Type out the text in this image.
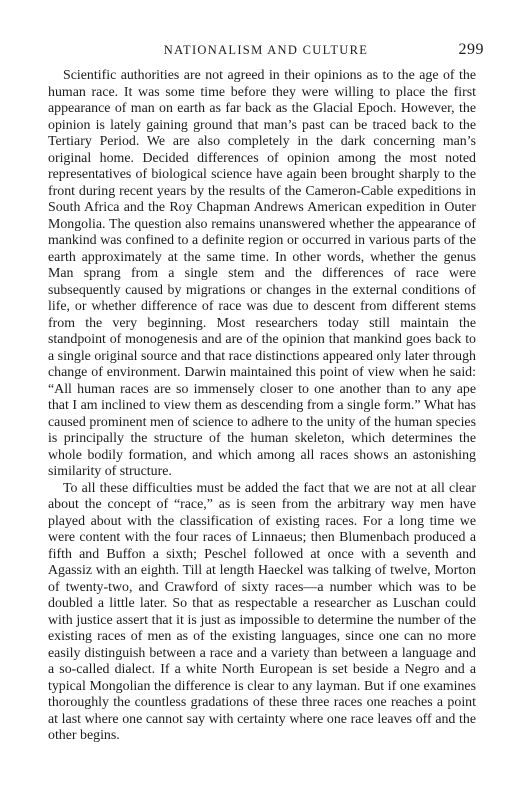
NATIONALISM AND CULTURE	299

Scientific authorities are not agreed in their opinions as to the age of the human race. It was some time before they were willing to place the first appearance of man on earth as far back as the Glacial Epoch. However, the opinion is lately gaining ground that man’s past can be traced back to the Tertiary Period. We are also completely in the dark concerning man’s original home. Decided differences of opinion among the most noted representatives of biological science have again been brought sharply to the front during recent years by the results of the Cameron-Cable expeditions in South Africa and the Roy Chapman Andrews American expedition in Outer Mongolia. The question also remains unanswered whether the appearance of mankind was confined to a definite region or occurred in various parts of the earth approximately at the same time. In other words, whether the genus Man sprang from a single stem and the differences of race were subsequently caused by migrations or changes in the external conditions of life, or whether difference of race was due to descent from different stems from the very beginning. Most researchers today still maintain the standpoint of monogenesis and are of the opinion that mankind goes back to a single original source and that race distinctions appeared only later through change of environment. Darwin maintained this point of view when he said: “All human races are so immensely closer to one another than to any ape that I am inclined to view them as descending from a single form.” What has caused prominent men of science to adhere to the unity of the human species is principally the structure of the human skeleton, which determines the whole bodily formation, and which among all races shows an astonishing similarity of structure.

To all these difficulties must be added the fact that we are not at all clear about the concept of “race,” as is seen from the arbitrary way men have played about with the classification of existing races. For a long time we were content with the four races of Linnaeus; then Blumenbach produced a fifth and Buffon a sixth; Peschel followed at once with a seventh and Agassiz with an eighth. Till at length Haeckel was talking of twelve, Morton of twenty-two, and Crawford of sixty races—a number which was to be doubled a little later. So that as respectable a researcher as Luschan could with justice assert that it is just as impossible to determine the number of the existing races of men as of the existing languages, since one can no more easily distinguish between a race and a variety than between a language and a so-called dialect. If a white North European is set beside a Negro and a typical Mongolian the difference is clear to any layman. But if one examines thoroughly the countless gradations of these three races one reaches a point at last where one cannot say with certainty where one race leaves off and the other begins.
